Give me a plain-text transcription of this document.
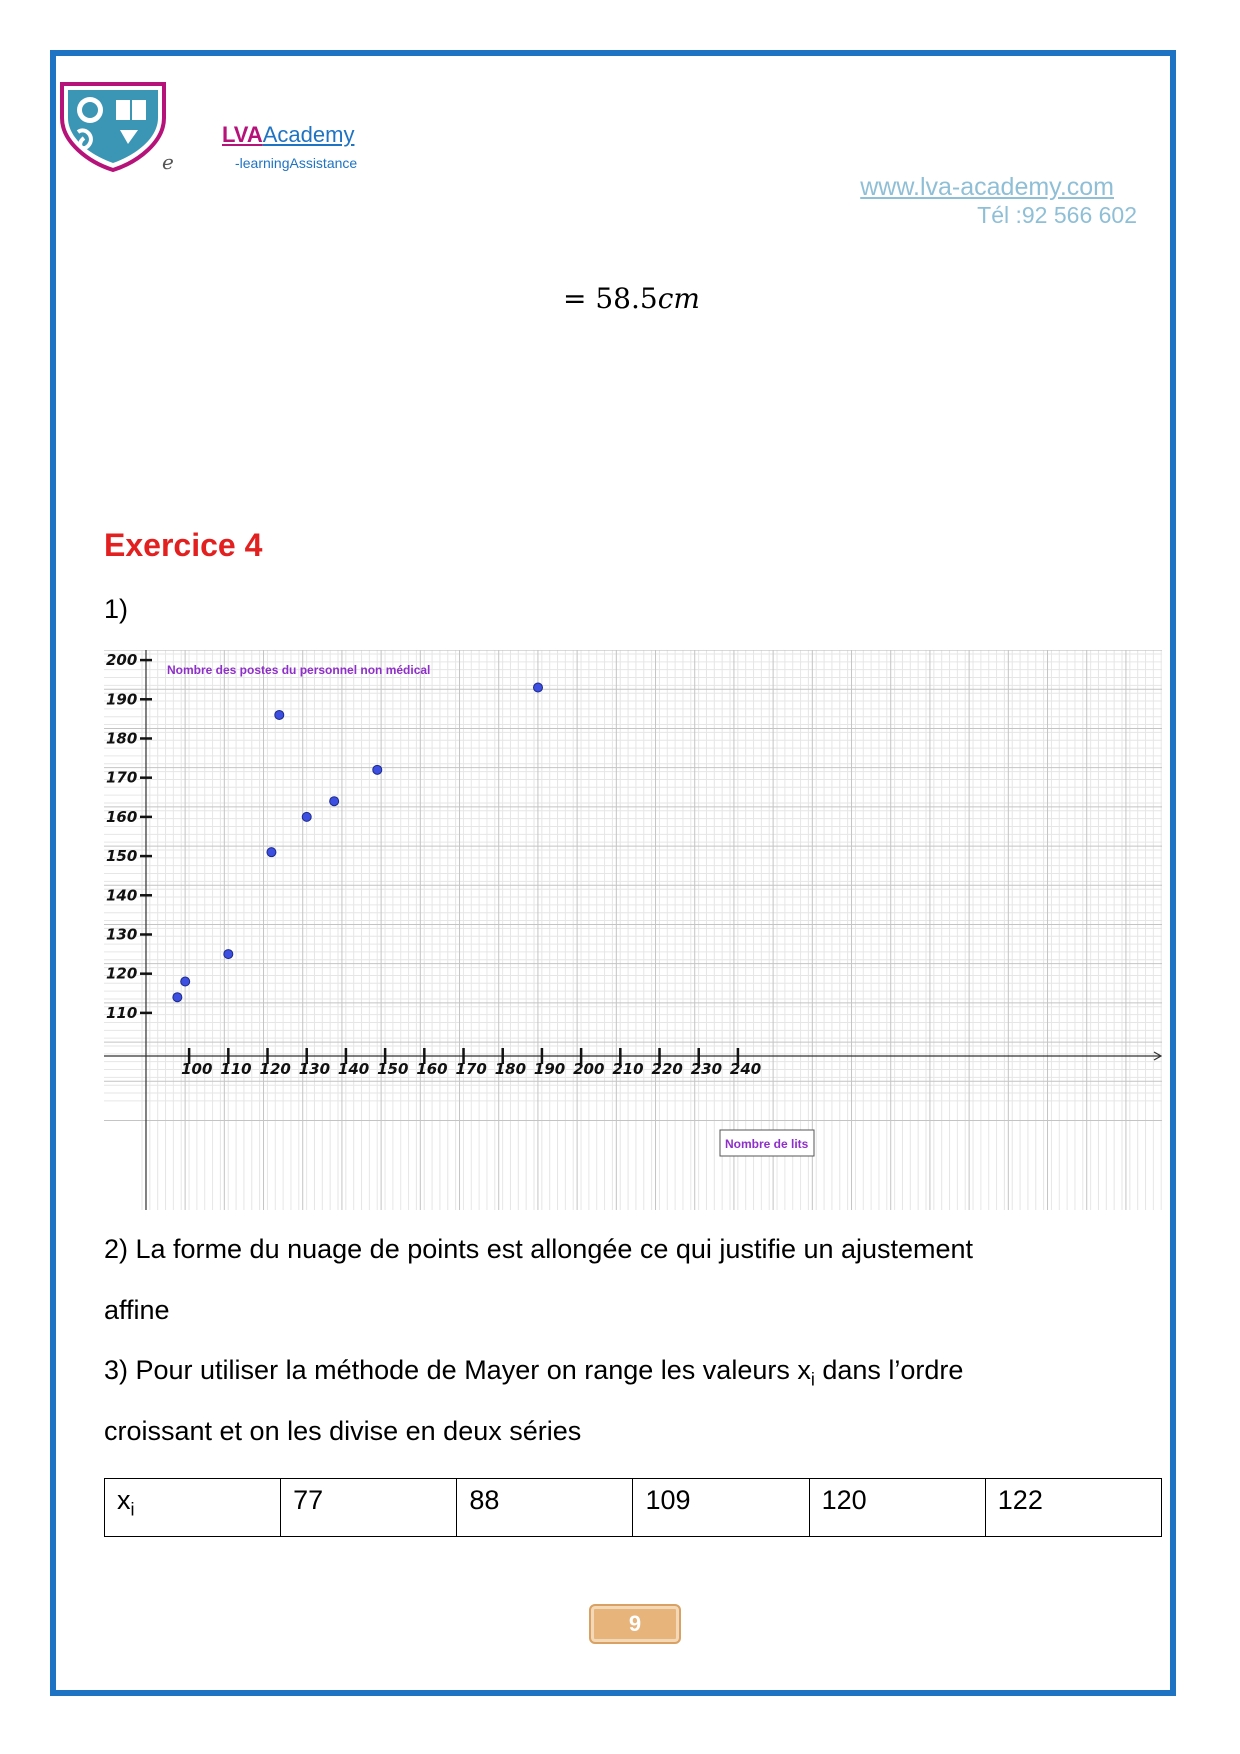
LVAAcademy
-learningAssistance
e
www.lva-academy.com
Tél :92 566 602
= 58.5cm
Exercice 4
1)
100 110 120 130 140 150 160 170 180 190 200 210 220 230 240
110
120
130
140
150
160
170
180
190
200
Nombre des postes du personnel non médical
Nombre de lits
2) La forme du nuage de points est allongée ce qui justifie un ajustement
affine
3) Pour utiliser la méthode de Mayer on range les valeurs $x_i$ dans l’ordre
croissant et on les divise en deux séries
$x_i$	77	88	109	120	122
9
